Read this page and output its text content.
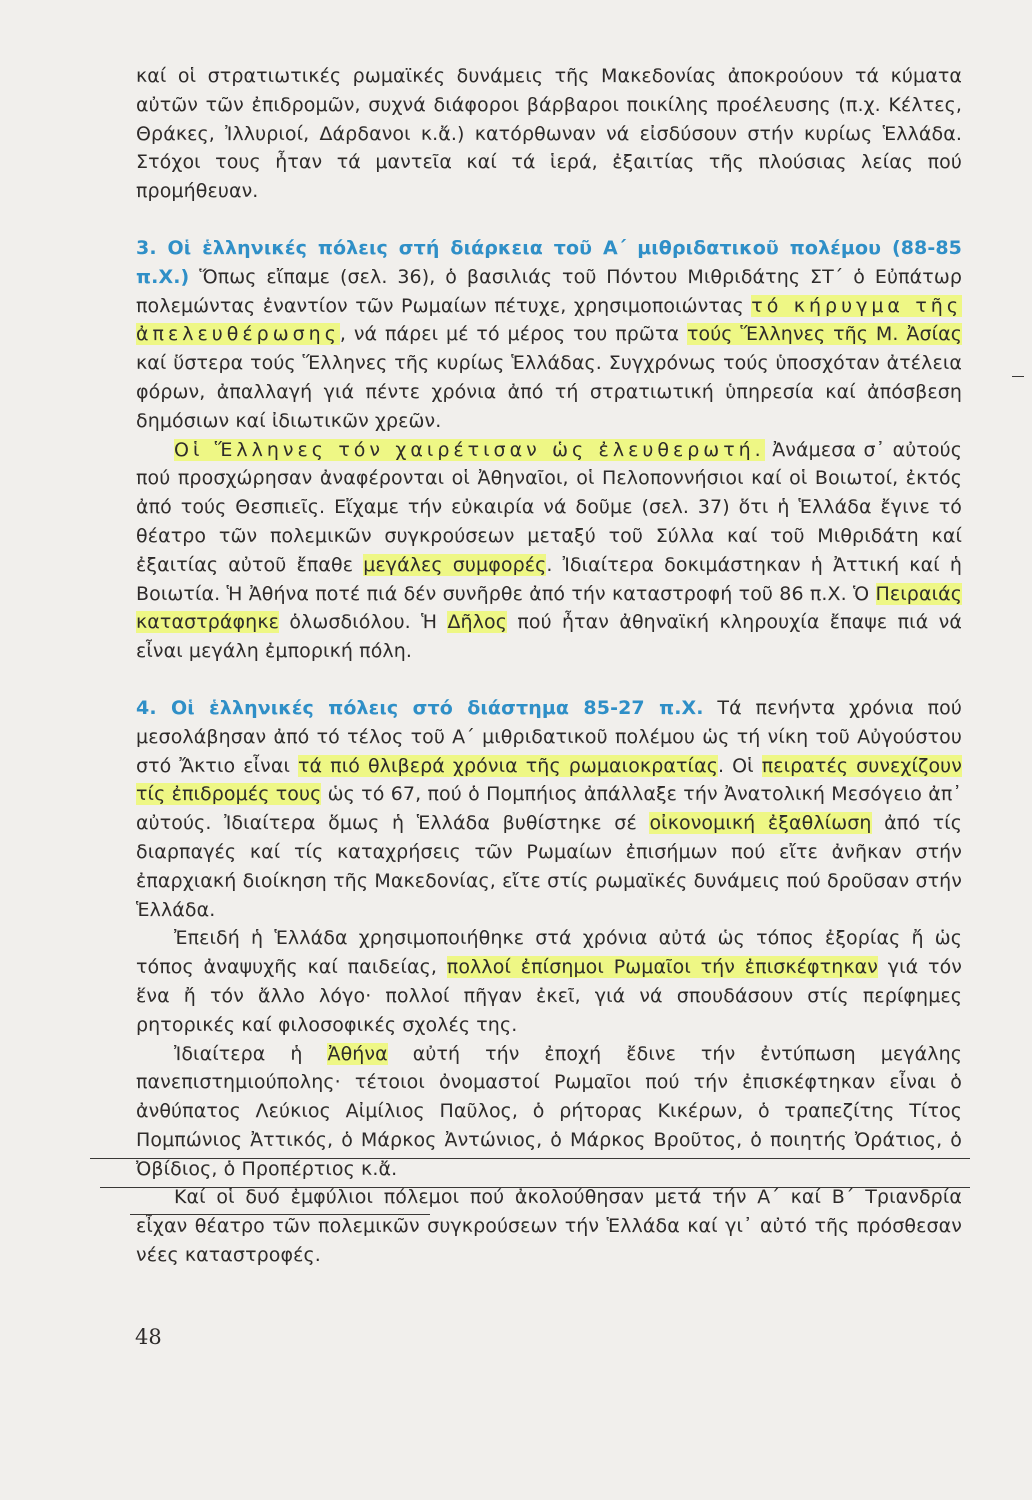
καί οἱ στρατιωτικές ρωμαϊκές δυνάμεις τῆς Μακεδονίας ἀποκρούουν τά κύματα αὐτῶν τῶν ἐπιδρομῶν, συχνά διάφοροι βάρβαροι ποικίλης προέλευσης (π.χ. Κέλτες, Θράκες, Ἰλλυριοί, Δάρδανοι κ.ἄ.) κατόρθωναν νά εἰσδύσουν στήν κυρίως Ἑλλάδα. Στόχοι τους ἦταν τά μαντεῖα καί τά ἱερά, ἐξαιτίας τῆς πλούσιας λείας πού προμήθευαν.

3. Οἱ ἑλληνικές πόλεις στή διάρκεια τοῦ Α΄ μιθριδατικοῦ πολέμου (88-85 π.Χ.) Ὅπως εἴπαμε (σελ. 36), ὁ βασιλιάς τοῦ Πόντου Μιθριδάτης ΣΤ΄ ὁ Εὐπάτωρ πολεμώντας ἐναντίον τῶν Ρωμαίων πέτυχε, χρησιμοποιώντας τό κήρυγμα τῆς ἀπελευθέρωσης, νά πάρει μέ τό μέρος του πρῶτα τούς Ἕλληνες τῆς Μ. Ἀσίας καί ὕστερα τούς Ἕλληνες τῆς κυρίως Ἑλλάδας. Συγχρόνως τούς ὑποσχόταν ἀτέλεια φόρων, ἀπαλλαγή γιά πέντε χρόνια ἀπό τή στρατιωτική ὑπηρεσία καί ἀπόσβεση δημόσιων καί ἰδιωτικῶν χρεῶν.

Οἱ Ἕλληνες τόν χαιρέτισαν ὡς ἐλευθερωτή. Ἀνάμεσα σ᾽ αὐτούς πού προσχώρησαν ἀναφέρονται οἱ Ἀθηναῖοι, οἱ Πελοποννήσιοι καί οἱ Βοιωτοί, ἐκτός ἀπό τούς Θεσπιεῖς. Εἴχαμε τήν εὐκαιρία νά δοῦμε (σελ. 37) ὅτι ἡ Ἑλλάδα ἔγινε τό θέατρο τῶν πολεμικῶν συγκρούσεων μεταξύ τοῦ Σύλλα καί τοῦ Μιθριδάτη καί ἐξαιτίας αὐτοῦ ἔπαθε μεγάλες συμφορές. Ἰδιαίτερα δοκιμάστηκαν ἡ Ἀττική καί ἡ Βοιωτία. Ἡ Ἀθήνα ποτέ πιά δέν συνῆρθε ἀπό τήν καταστροφή τοῦ 86 π.Χ. Ὁ Πειραιάς καταστράφηκε ὁλωσδιόλου. Ἡ Δῆλος πού ἦταν ἀθηναϊκή κληρουχία ἔπαψε πιά νά εἶναι μεγάλη ἐμπορική πόλη.

4. Οἱ ἑλληνικές πόλεις στό διάστημα 85-27 π.Χ. Τά πενήντα χρόνια πού μεσολάβησαν ἀπό τό τέλος τοῦ Α΄ μιθριδατικοῦ πολέμου ὡς τή νίκη τοῦ Αὐγούστου στό Ἄκτιο εἶναι τά πιό θλιβερά χρόνια τῆς ρωμαιοκρατίας. Οἱ πειρατές συνεχίζουν τίς ἐπιδρομές τους ὡς τό 67, πού ὁ Πομπήιος ἀπάλλαξε τήν Ἀνατολική Μεσόγειο ἀπ᾽ αὐτούς. Ἰδιαίτερα ὅμως ἡ Ἑλλάδα βυθίστηκε σέ οἰκονομική ἐξαθλίωση ἀπό τίς διαρπαγές καί τίς καταχρήσεις τῶν Ρωμαίων ἐπισήμων πού εἴτε ἀνῆκαν στήν ἐπαρχιακή διοίκηση τῆς Μακεδονίας, εἴτε στίς ρωμαϊκές δυνάμεις πού δροῦσαν στήν Ἑλλάδα.

Ἐπειδή ἡ Ἑλλάδα χρησιμοποιήθηκε στά χρόνια αὐτά ὡς τόπος ἐξορίας ἤ ὡς τόπος ἀναψυχῆς καί παιδείας, πολλοί ἐπίσημοι Ρωμαῖοι τήν ἐπισκέφτηκαν γιά τόν ἕνα ἤ τόν ἄλλο λόγο· πολλοί πῆγαν ἐκεῖ, γιά νά σπουδάσουν στίς περίφημες ρητορικές καί φιλοσοφικές σχολές της.

Ἰδιαίτερα ἡ Ἀθήνα αὐτή τήν ἐποχή ἔδινε τήν ἐντύπωση μεγάλης πανεπιστημιούπολης· τέτοιοι ὀνομαστοί Ρωμαῖοι πού τήν ἐπισκέφτηκαν εἶναι ὁ ἀνθύπατος Λεύκιος Αἰμίλιος Παῦλος, ὁ ρήτορας Κικέρων, ὁ τραπεζίτης Τίτος Πομπώνιος Ἀττικός, ὁ Μάρκος Ἀντώνιος, ὁ Μάρκος Βροῦτος, ὁ ποιητής Ὀράτιος, ὁ Ὀβίδιος, ὁ Προπέρτιος κ.ἄ.

Καί οἱ δυό ἐμφύλιοι πόλεμοι πού ἀκολούθησαν μετά τήν Α΄ καί Β΄ Τριανδρία εἶχαν θέατρο τῶν πολεμικῶν συγκρούσεων τήν Ἑλλάδα καί γι᾽ αὐτό τῆς πρόσθεσαν νέες καταστροφές.

48
